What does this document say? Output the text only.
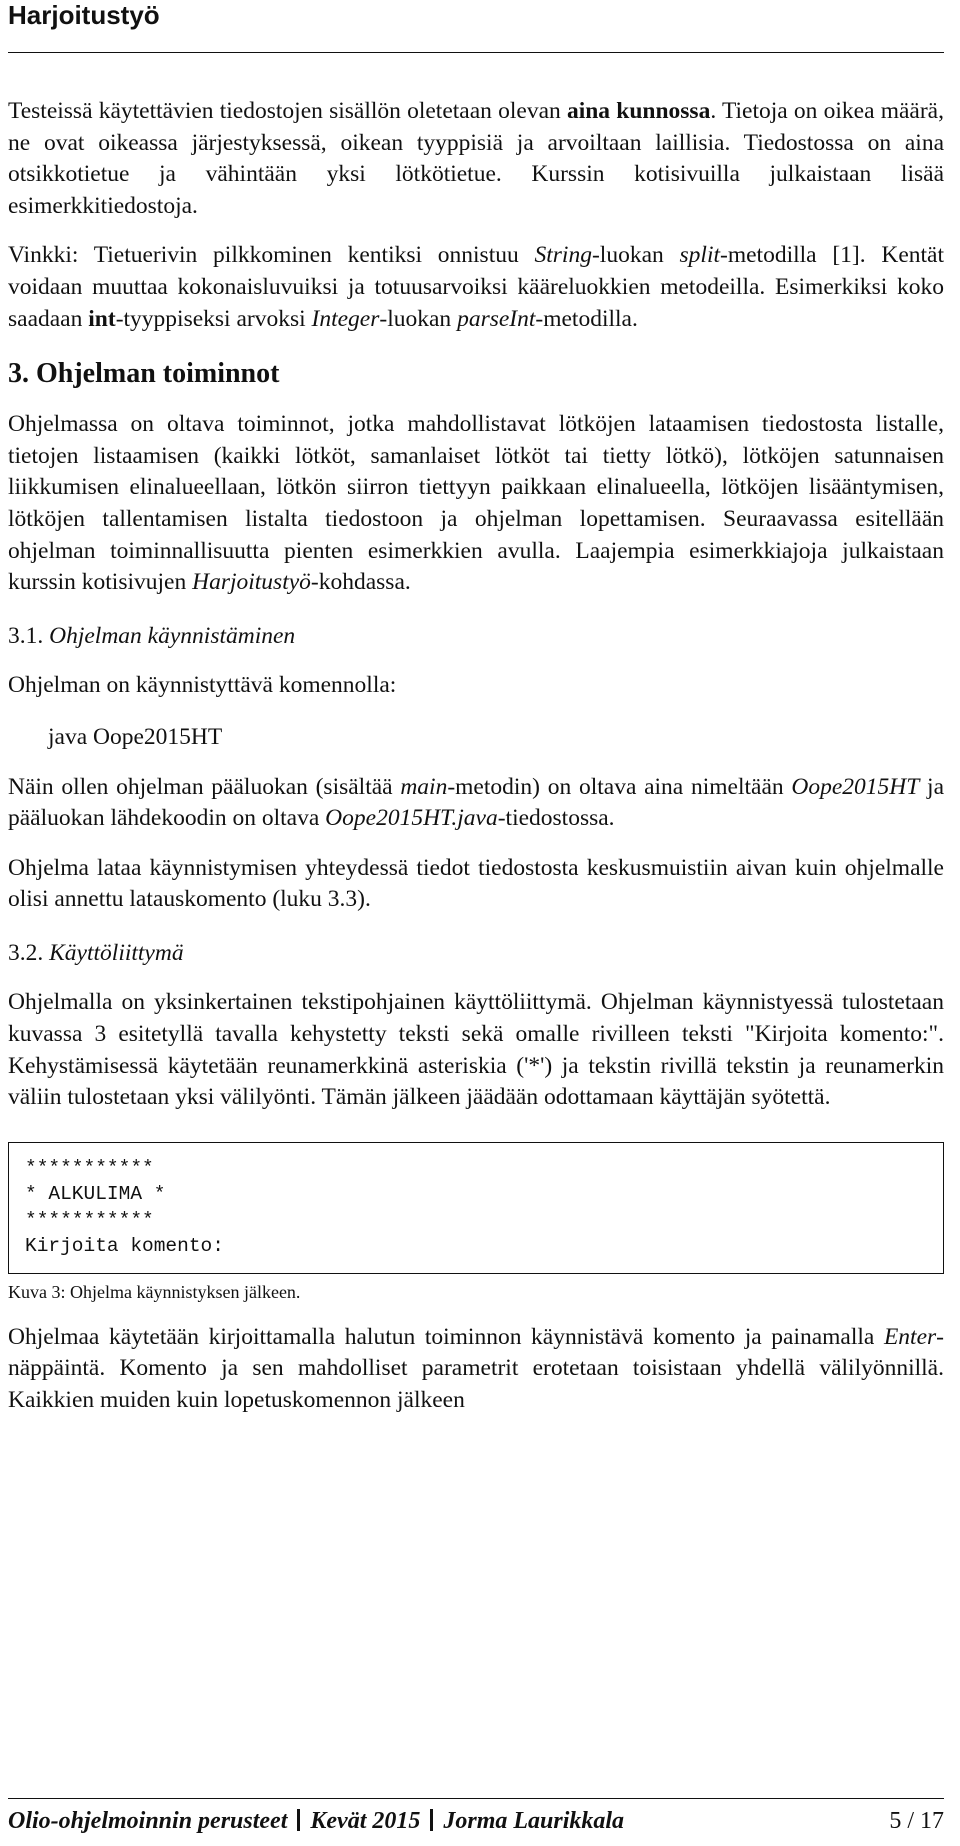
Harjoitustyö

Testeissä käytettävien tiedostojen sisällön oletetaan olevan aina kunnossa. Tietoja on oikea määrä, ne ovat oikeassa järjestyksessä, oikean tyyppisiä ja arvoiltaan laillisia. Tiedostossa on aina otsikkotietue ja vähintään yksi lötkötietue. Kurssin kotisivuilla julkaistaan lisää esimerkkitiedostoja.

Vinkki: Tietuerivin pilkkominen kentiksi onnistuu String-luokan split-metodilla [1]. Kentät voidaan muuttaa kokonaisluvuiksi ja totuusarvoiksi kääreluokkien metodeilla. Esimerkiksi koko saadaan int-tyyppiseksi arvoksi Integer-luokan parseInt-metodilla.

3. Ohjelman toiminnot

Ohjelmassa on oltava toiminnot, jotka mahdollistavat lötköjen lataamisen tiedostosta listalle, tietojen listaamisen (kaikki lötköt, samanlaiset lötköt tai tietty lötkö), lötköjen satunnaisen liikkumisen elinalueellaan, lötkön siirron tiettyyn paikkaan elinalueella, lötköjen lisääntymisen, lötköjen tallentamisen listalta tiedostoon ja ohjelman lopettamisen. Seuraavassa esitellään ohjelman toiminnallisuutta pienten esimerkkien avulla. Laajempia esimerkkiajoja julkaistaan kurssin kotisivujen Harjoitustyö-kohdassa.

3.1. Ohjelman käynnistäminen

Ohjelman on käynnistyttävä komennolla:

java Oope2015HT

Näin ollen ohjelman pääluokan (sisältää main-metodin) on oltava aina nimeltään Oope2015HT ja pääluokan lähdekoodin on oltava Oope2015HT.java-tiedostossa.

Ohjelma lataa käynnistymisen yhteydessä tiedot tiedostosta keskusmuistiin aivan kuin ohjelmalle olisi annettu latauskomento (luku 3.3).

3.2. Käyttöliittymä

Ohjelmalla on yksinkertainen tekstipohjainen käyttöliittymä. Ohjelman käynnistyessä tulostetaan kuvassa 3 esitetyllä tavalla kehystetty teksti sekä omalle rivilleen teksti "Kirjoita komento:". Kehystämisessä käytetään reunamerkkinä asteriskia ('*') ja tekstin rivillä tekstin ja reunamerkin väliin tulostetaan yksi välilyönti. Tämän jälkeen jäädään odottamaan käyttäjän syötettä.

***********
* ALKULIMA *
***********
Kirjoita komento:
Kuva 3: Ohjelma käynnistyksen jälkeen.

Ohjelmaa käytetään kirjoittamalla halutun toiminnon käynnistävä komento ja painamalla Enter-näppäintä. Komento ja sen mahdolliset parametrit erotetaan toisistaan yhdellä välilyönnillä. Kaikkien muiden kuin lopetuskomennon jälkeen

Olio-ohjelmoinnin perusteet Kevät 2015 Jorma Laurikkala	5 / 17
